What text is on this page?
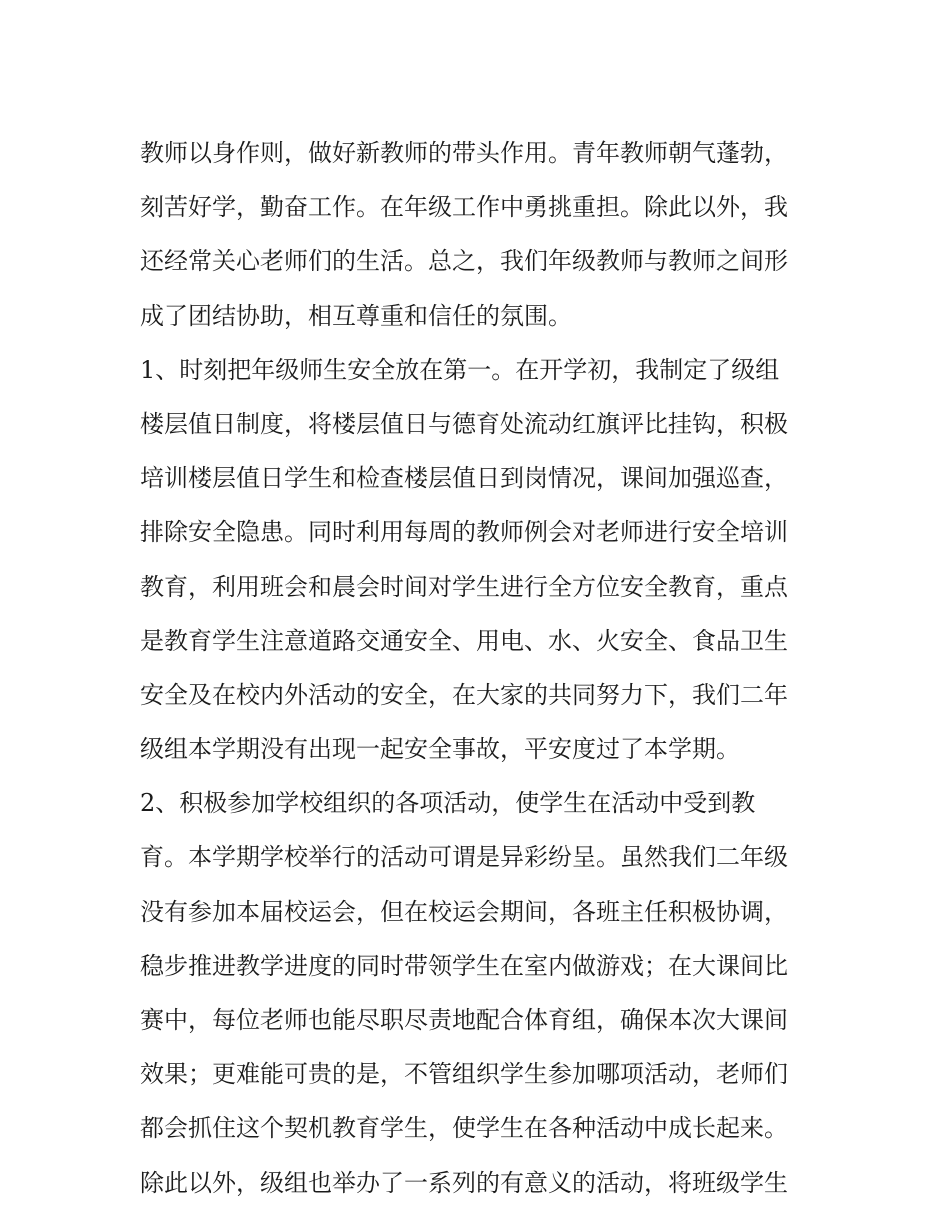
教师以身作则，做好新教师的带头作用。青年教师朝气蓬勃，
刻苦好学，勤奋工作。在年级工作中勇挑重担。除此以外，我
还经常关心老师们的生活。总之，我们年级教师与教师之间形
成了团结协助，相互尊重和信任的氛围。
1、时刻把年级师生安全放在第一。在开学初，我制定了级组
楼层值日制度，将楼层值日与德育处流动红旗评比挂钩，积极
培训楼层值日学生和检查楼层值日到岗情况，课间加强巡查，
排除安全隐患。同时利用每周的教师例会对老师进行安全培训
教育，利用班会和晨会时间对学生进行全方位安全教育，重点
是教育学生注意道路交通安全、用电、水、火安全、食品卫生
安全及在校内外活动的安全，在大家的共同努力下，我们二年
级组本学期没有出现一起安全事故，平安度过了本学期。
2、积极参加学校组织的各项活动，使学生在活动中受到教
育。本学期学校举行的活动可谓是异彩纷呈。虽然我们二年级
没有参加本届校运会，但在校运会期间，各班主任积极协调，
稳步推进教学进度的同时带领学生在室内做游戏；在大课间比
赛中，每位老师也能尽职尽责地配合体育组，确保本次大课间
效果；更难能可贵的是，不管组织学生参加哪项活动，老师们
都会抓住这个契机教育学生，使学生在各种活动中成长起来。
除此以外，级组也举办了一系列的有意义的活动，将班级学生
